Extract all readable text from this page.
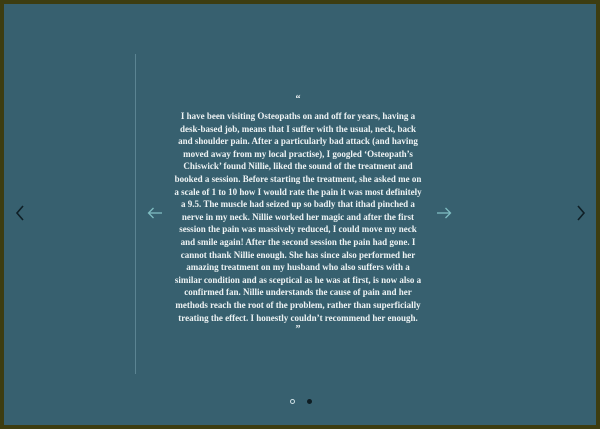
“
I have been visiting Osteopaths on and off for years, having a desk-based job, means that I suffer with the usual, neck, back and shoulder pain. After a particularly bad attack (and having moved away from my local practise), I googled ‘Osteopath’s Chiswick’ found Nillie, liked the sound of the treatment and booked a session. Before starting the treatment, she asked me on a scale of 1 to 10 how I would rate the pain it was most definitely a 9.5. The muscle had seized up so badly that ithad pinched a nerve in my neck. Nillie worked her magic and after the first session the pain was massively reduced, I could move my neck and smile again! After the second session the pain had gone. I cannot thank Nillie enough. She has since also performed her amazing treatment on my husband who also suffers with a similar condition and as sceptical as he was at first, is now also a confirmed fan. Nillie understands the cause of pain and her methods reach the root of the problem, rather than superficially treating the effect. I honestly couldn’t recommend her enough.
”
